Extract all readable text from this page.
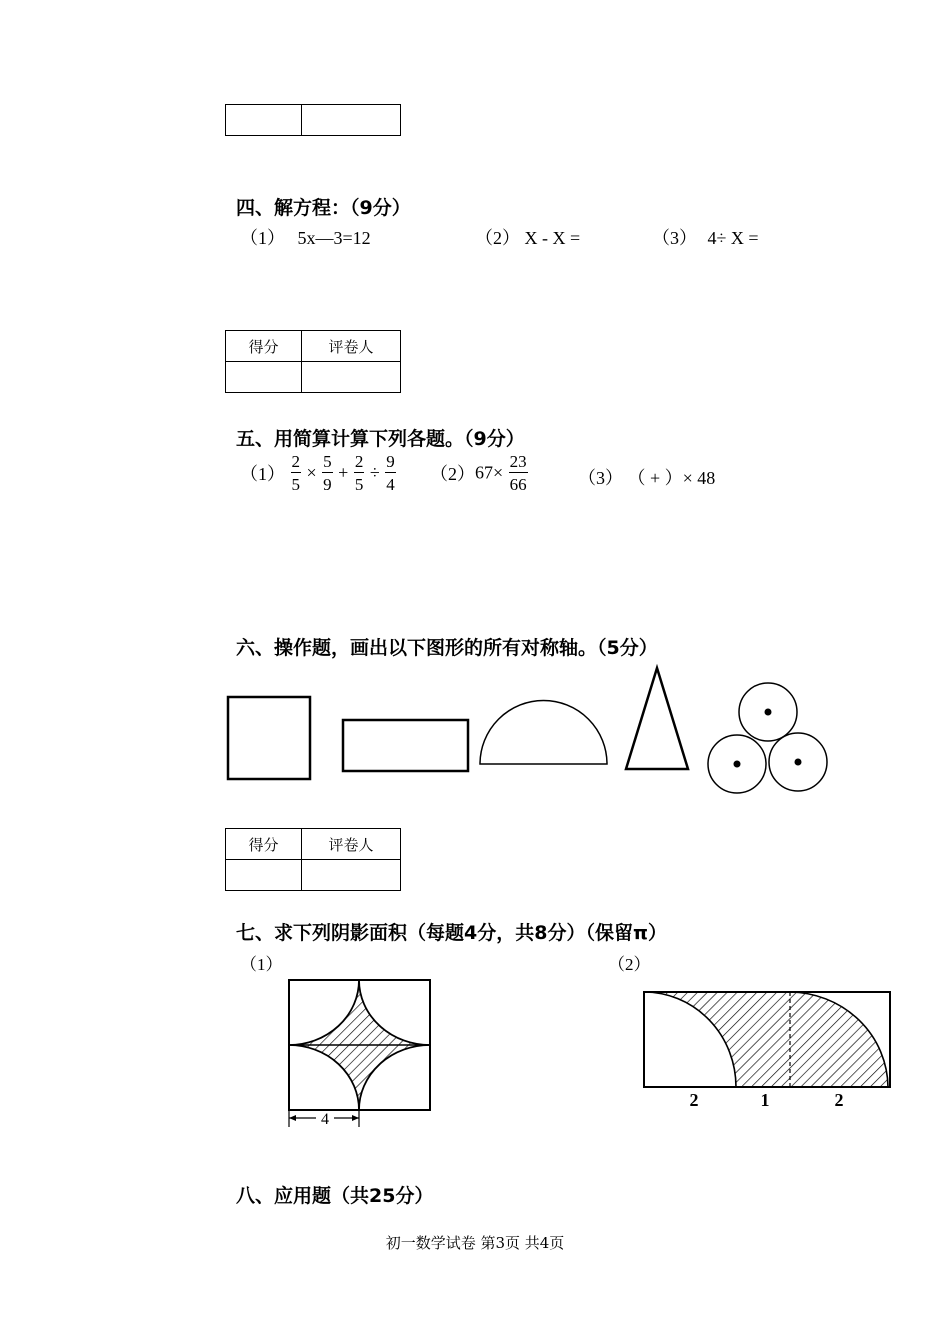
四、解方程：（9分）
（1） 5x—3=12	（2） X - X =	（3） 4÷ X =
得分	评卷人

五、用简算计算下列各题。（9分）
$(1) \frac{2}{5} \times \frac{5}{9} + \frac{2}{5} \div \frac{9}{4} (2)67\times \frac{23}{66}$	（3） （ + ）× 48
六、操作题，画出以下图形的所有对称轴。（5分）
得分	评卷人

七、求下列阴影面积（每题4分，共8分）（保留π）
（1）	（2）
4
2	1	2
八、应用题（共25分）
初一数学试卷 第3页 共4页
